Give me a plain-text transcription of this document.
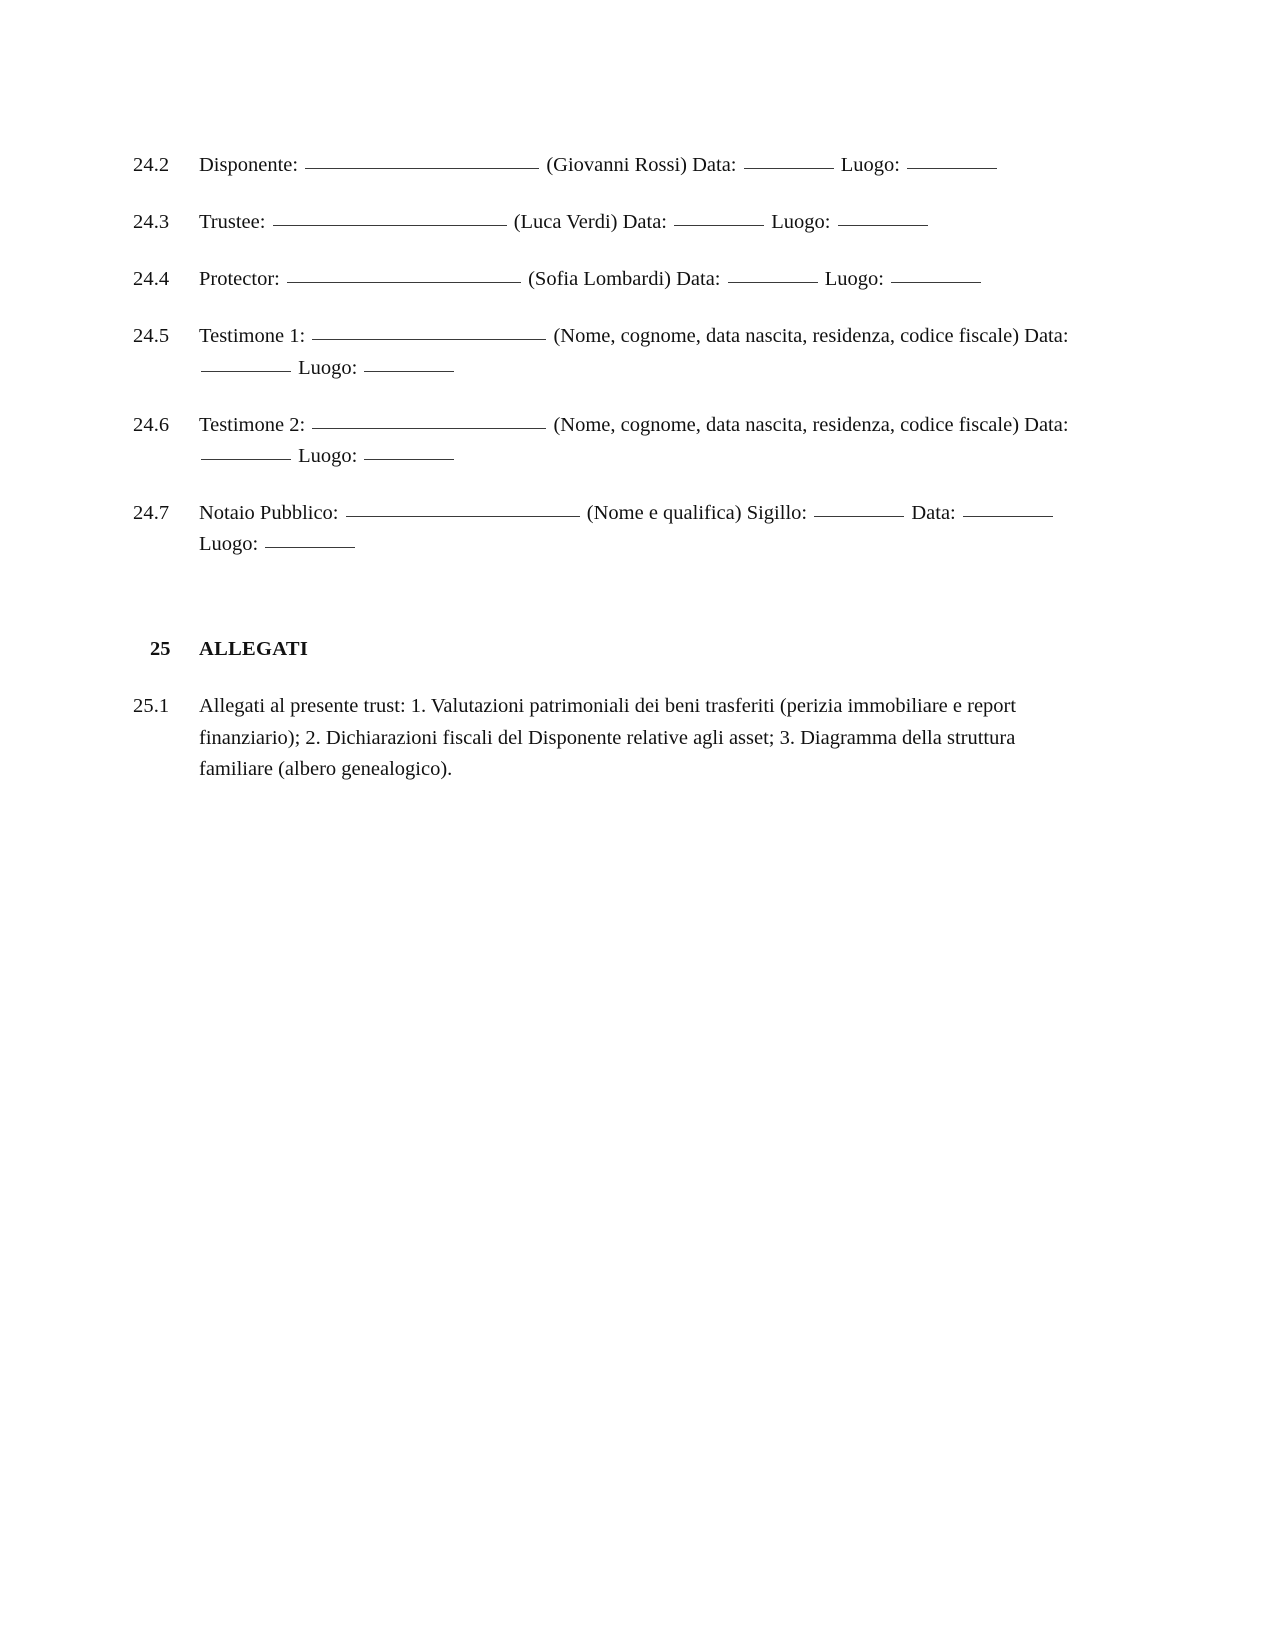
24.2	Disponente:	(Giovanni Rossi) Data:	Luogo:
24.3	Trustee:	(Luca Verdi) Data:	Luogo:
24.4	Protector:	(Sofia Lombardi) Data:	Luogo:
24.5	Testimone 1:	(Nome, cognome, data nascita, residenza, codice fiscale) Data:  Luogo:
24.6	Testimone 2:	(Nome, cognome, data nascita, residenza, codice fiscale) Data:  Luogo:
24.7	Notaio Pubblico:	(Nome e qualifica) Sigillo:	Data:  Luogo:
25	ALLEGATI
25.1	Allegati al presente trust: 1. Valutazioni patrimoniali dei beni trasferiti (perizia immobiliare e report finanziario); 2. Dichiarazioni fiscali del Disponente relative agli asset; 3. Diagramma della struttura familiare (albero genealogico).
